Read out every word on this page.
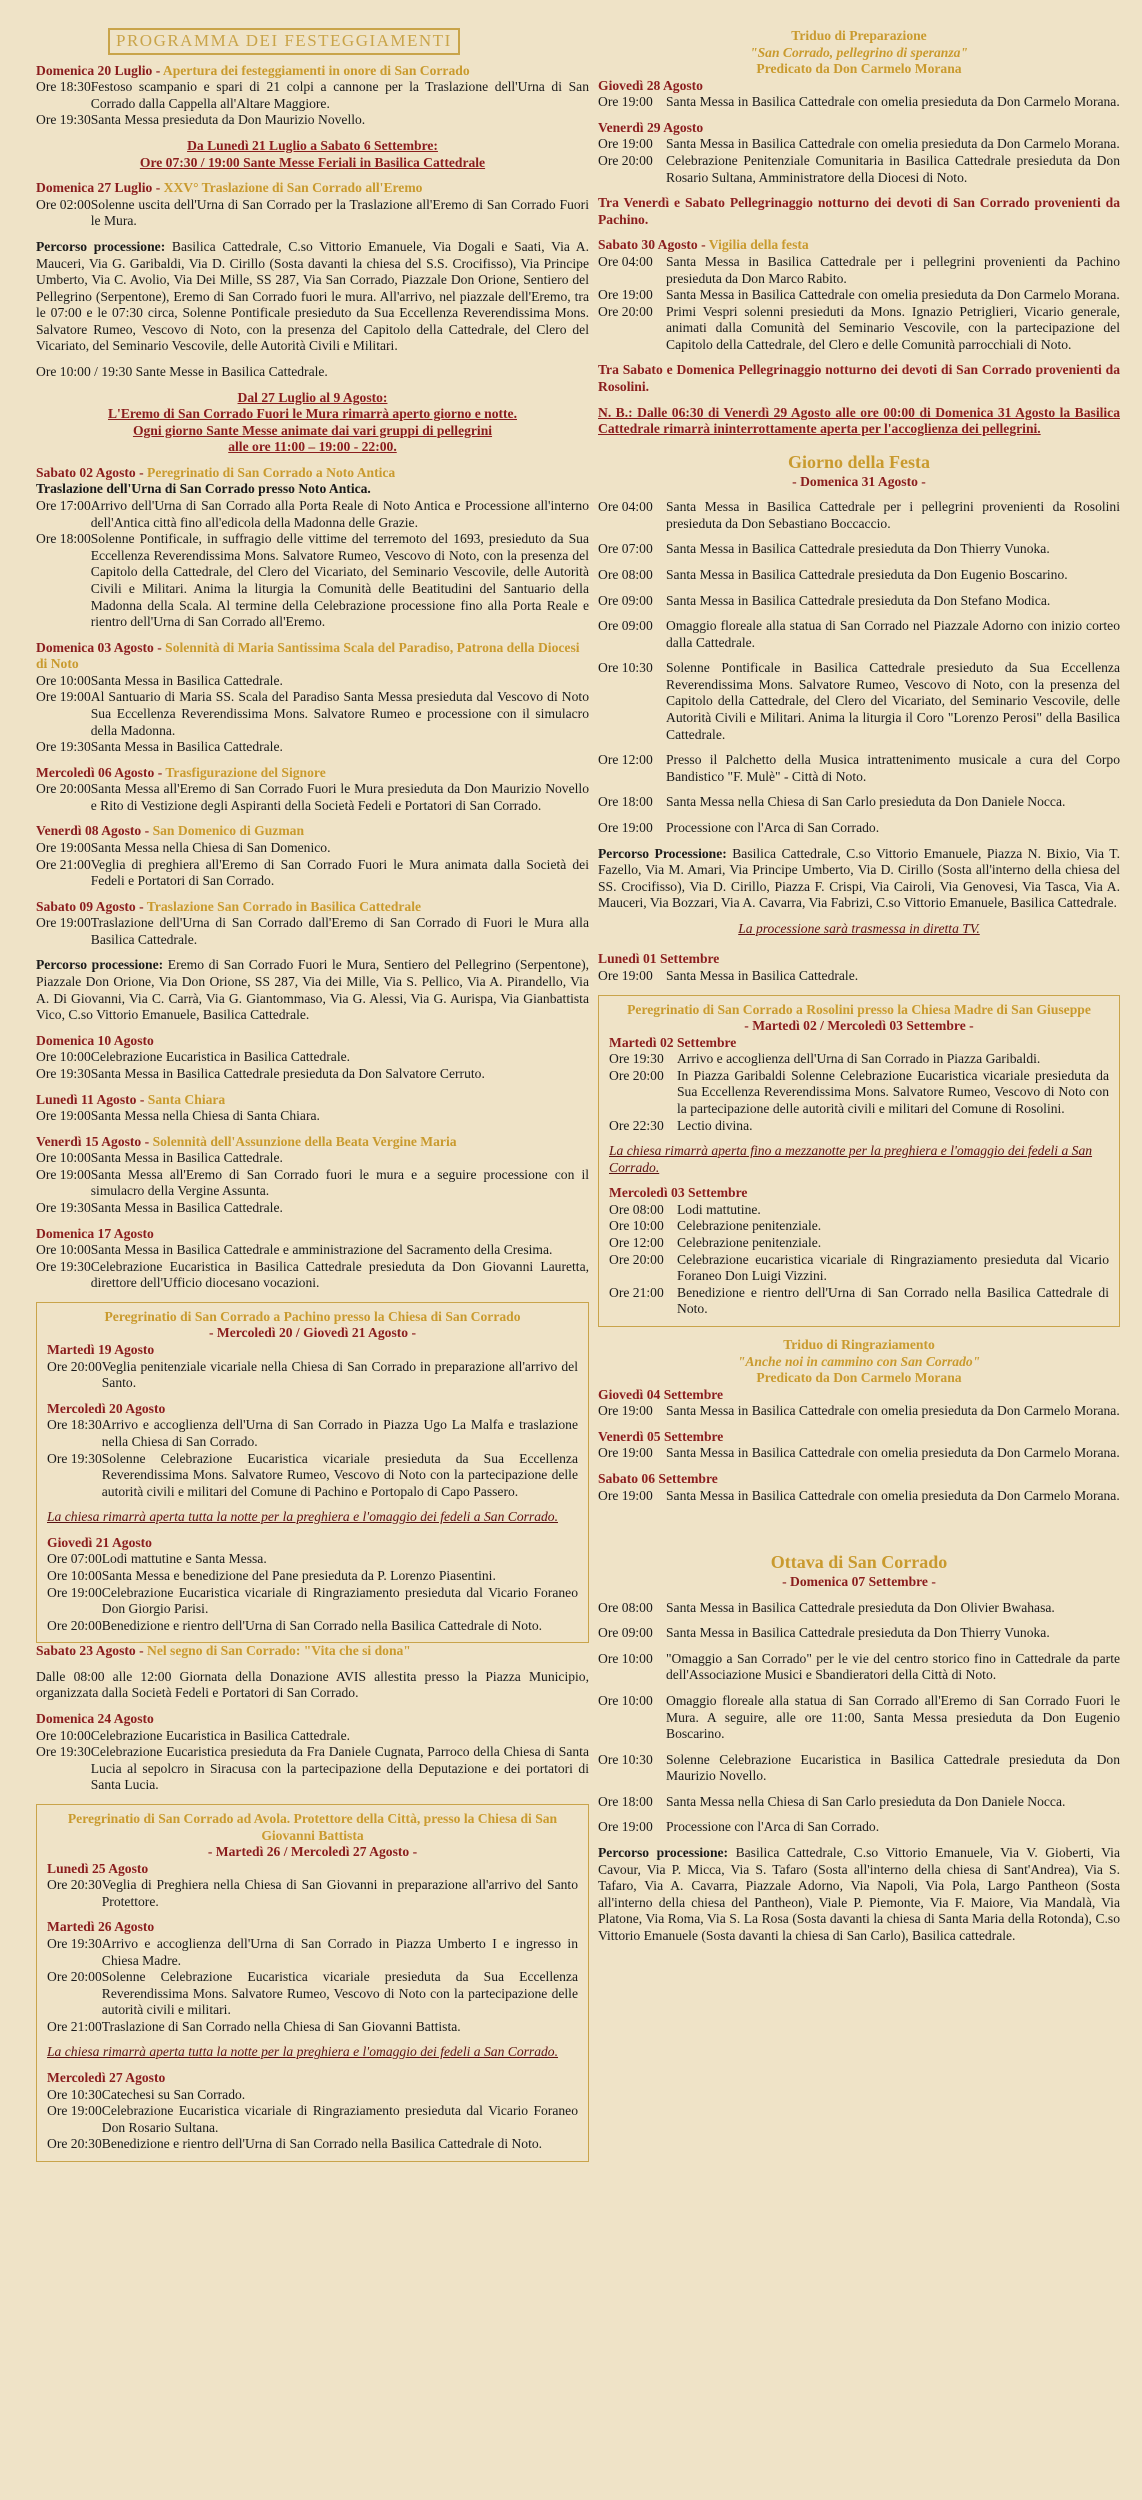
PROGRAMMA DEI FESTEGGIAMENTI
Domenica 20 Luglio - Apertura dei festeggiamenti in onore di San Corrado
Ore 18:30 Festoso scampanio e spari di 21 colpi a cannone per la Traslazione dell'Urna di San Corrado dalla Cappella all'Altare Maggiore.
Ore 19:30 Santa Messa presieduta da Don Maurizio Novello.
Da Lunedì 21 Luglio a Sabato 6 Settembre:
Ore 07:30 / 19:00 Sante Messe Feriali in Basilica Cattedrale
Domenica 27 Luglio - XXV° Traslazione di San Corrado all'Eremo
Ore 02:00 Solenne uscita dell'Urna di San Corrado per la Traslazione all'Eremo di San Corrado Fuori le Mura.
Percorso processione: Basilica Cattedrale, C.so Vittorio Emanuele, Via Dogali e Saati, Via A. Mauceri, Via G. Garibaldi, Via D. Cirillo (Sosta davanti la chiesa del S.S. Crocifisso), Via Principe Umberto, Via C. Avolio, Via Dei Mille, SS 287, Via San Corrado, Piazzale Don Orione, Sentiero del Pellegrino (Serpentone), Eremo di San Corrado fuori le mura. All'arrivo, nel piazzale dell'Eremo, tra le 07:00 e le 07:30 circa, Solenne Pontificale presieduto da Sua Eccellenza Reverendissima Mons. Salvatore Rumeo, Vescovo di Noto, con la presenza del Capitolo della Cattedrale, del Clero del Vicariato, del Seminario Vescovile, delle Autorità Civili e Militari.
Ore 10:00 / 19:30 Sante Messe in Basilica Cattedrale.
Dal 27 Luglio al 9 Agosto:
L'Eremo di San Corrado Fuori le Mura rimarrà aperto giorno e notte.
Ogni giorno Sante Messe animate dai vari gruppi di pellegrini
alle ore 11:00 – 19:00 - 22:00.
Sabato 02 Agosto - Peregrinatio di San Corrado a Noto Antica
Traslazione dell'Urna di San Corrado presso Noto Antica.
Ore 17:00 Arrivo dell'Urna di San Corrado alla Porta Reale di Noto Antica e Processione all'interno dell'Antica città fino all'edicola della Madonna delle Grazie.
Ore 18:00 Solenne Pontificale, in suffragio delle vittime del terremoto del 1693, presieduto da Sua Eccellenza Reverendissima Mons. Salvatore Rumeo, Vescovo di Noto, con la presenza del Capitolo della Cattedrale, del Clero del Vicariato, del Seminario Vescovile, delle Autorità Civili e Militari. Anima la liturgia la Comunità delle Beatitudini del Santuario della Madonna della Scala. Al termine della Celebrazione processione fino alla Porta Reale e rientro dell'Urna di San Corrado all'Eremo.
Domenica 03 Agosto - Solennità di Maria Santissima Scala del Paradiso, Patrona della Diocesi di Noto
Ore 10:00 Santa Messa in Basilica Cattedrale.
Ore 19:00 Al Santuario di Maria SS. Scala del Paradiso Santa Messa presieduta dal Vescovo di Noto Sua Eccellenza Reverendissima Mons. Salvatore Rumeo e processione con il simulacro della Madonna.
Ore 19:30 Santa Messa in Basilica Cattedrale.
Mercoledì 06 Agosto - Trasfigurazione del Signore
Ore 20:00 Santa Messa all'Eremo di San Corrado Fuori le Mura presieduta da Don Maurizio Novello e Rito di Vestizione degli Aspiranti della Società Fedeli e Portatori di San Corrado.
Venerdì 08 Agosto - San Domenico di Guzman
Ore 19:00 Santa Messa nella Chiesa di San Domenico.
Ore 21:00 Veglia di preghiera all'Eremo di San Corrado Fuori le Mura animata dalla Società dei Fedeli e Portatori di San Corrado.
Sabato 09 Agosto - Traslazione San Corrado in Basilica Cattedrale
Ore 19:00 Traslazione dell'Urna di San Corrado dall'Eremo di San Corrado di Fuori le Mura alla Basilica Cattedrale.
Percorso processione: Eremo di San Corrado Fuori le Mura, Sentiero del Pellegrino (Serpentone), Piazzale Don Orione, Via Don Orione, SS 287, Via dei Mille, Via S. Pellico, Via A. Pirandello, Via A. Di Giovanni, Via C. Carrà, Via G. Giantommaso, Via G. Alessi, Via G. Aurispa, Via Gianbattista Vico, C.so Vittorio Emanuele, Basilica Cattedrale.
Domenica 10 Agosto
Ore 10:00 Celebrazione Eucaristica in Basilica Cattedrale.
Ore 19:30 Santa Messa in Basilica Cattedrale presieduta da Don Salvatore Cerruto.
Lunedì 11 Agosto - Santa Chiara
Ore 19:00 Santa Messa nella Chiesa di Santa Chiara.
Venerdì 15 Agosto - Solennità dell'Assunzione della Beata Vergine Maria
Ore 10:00 Santa Messa in Basilica Cattedrale.
Ore 19:00 Santa Messa all'Eremo di San Corrado fuori le mura e a seguire processione con il simulacro della Vergine Assunta.
Ore 19:30 Santa Messa in Basilica Cattedrale.
Domenica 17 Agosto
Ore 10:00 Santa Messa in Basilica Cattedrale e amministrazione del Sacramento della Cresima.
Ore 19:30 Celebrazione Eucaristica in Basilica Cattedrale presieduta da Don Giovanni Lauretta, direttore dell'Ufficio diocesano vocazioni.
Peregrinatio di San Corrado a Pachino presso la Chiesa di San Corrado
- Mercoledì 20 / Giovedì 21 Agosto -
Martedì 19 Agosto
Ore 20:00 Veglia penitenziale vicariale nella Chiesa di San Corrado in preparazione all'arrivo del Santo.
Mercoledì 20 Agosto
Ore 18:30 Arrivo e accoglienza dell'Urna di San Corrado in Piazza Ugo La Malfa e traslazione nella Chiesa di San Corrado.
Ore 19:30 Solenne Celebrazione Eucaristica vicariale presieduta da Sua Eccellenza Reverendissima Mons. Salvatore Rumeo, Vescovo di Noto con la partecipazione delle autorità civili e militari del Comune di Pachino e Portopalo di Capo Passero.
La chiesa rimarrà aperta tutta la notte per la preghiera e l'omaggio dei fedeli a San Corrado.
Giovedì 21 Agosto
Ore 07:00 Lodi mattutine e Santa Messa.
Ore 10:00 Santa Messa e benedizione del Pane presieduta da P. Lorenzo Piasentini.
Ore 19:00 Celebrazione Eucaristica vicariale di Ringraziamento presieduta dal Vicario Foraneo Don Giorgio Parisi.
Ore 20:00 Benedizione e rientro dell'Urna di San Corrado nella Basilica Cattedrale di Noto.
Sabato 23 Agosto - Nel segno di San Corrado: "Vita che si dona"
Dalle 08:00 alle 12:00 Giornata della Donazione AVIS allestita presso la Piazza Municipio, organizzata dalla Società Fedeli e Portatori di San Corrado.
Domenica 24 Agosto
Ore 10:00 Celebrazione Eucaristica in Basilica Cattedrale.
Ore 19:30 Celebrazione Eucaristica presieduta da Fra Daniele Cugnata, Parroco della Chiesa di Santa Lucia al sepolcro in Siracusa con la partecipazione della Deputazione e dei portatori di Santa Lucia.
Peregrinatio di San Corrado ad Avola. Protettore della Città, presso la Chiesa di San Giovanni Battista
- Martedì 26 / Mercoledì 27 Agosto -
Lunedì 25 Agosto
Ore 20:30 Veglia di Preghiera nella Chiesa di San Giovanni in preparazione all'arrivo del Santo Protettore.
Martedì 26 Agosto
Ore 19:30 Arrivo e accoglienza dell'Urna di San Corrado in Piazza Umberto I e ingresso in Chiesa Madre.
Ore 20:00 Solenne Celebrazione Eucaristica vicariale presieduta da Sua Eccellenza Reverendissima Mons. Salvatore Rumeo, Vescovo di Noto con la partecipazione delle autorità civili e militari.
Ore 21:00 Traslazione di San Corrado nella Chiesa di San Giovanni Battista.
La chiesa rimarrà aperta tutta la notte per la preghiera e l'omaggio dei fedeli a San Corrado.
Mercoledì 27 Agosto
Ore 10:30 Catechesi su San Corrado.
Ore 19:00 Celebrazione Eucaristica vicariale di Ringraziamento presieduta dal Vicario Foraneo Don Rosario Sultana.
Ore 20:30 Benedizione e rientro dell'Urna di San Corrado nella Basilica Cattedrale di Noto.
Triduo di Preparazione
"San Corrado, pellegrino di speranza"
Predicato da Don Carmelo Morana
Giovedì 28 Agosto
Ore 19:00 Santa Messa in Basilica Cattedrale con omelia presieduta da Don Carmelo Morana.
Venerdì 29 Agosto
Ore 19:00 Santa Messa in Basilica Cattedrale con omelia presieduta da Don Carmelo Morana.
Ore 20:00 Celebrazione Penitenziale Comunitaria in Basilica Cattedrale presieduta da Don Rosario Sultana, Amministratore della Diocesi di Noto.
Tra Venerdì e Sabato Pellegrinaggio notturno dei devoti di San Corrado provenienti da Pachino.
Sabato 30 Agosto - Vigilia della festa
Ore 04:00 Santa Messa in Basilica Cattedrale per i pellegrini provenienti da Pachino presieduta da Don Marco Rabito.
Ore 19:00 Santa Messa in Basilica Cattedrale con omelia presieduta da Don Carmelo Morana.
Ore 20:00 Primi Vespri solenni presieduti da Mons. Ignazio Petriglieri, Vicario generale, animati dalla Comunità del Seminario Vescovile, con la partecipazione del Capitolo della Cattedrale, del Clero e delle Comunità parrocchiali di Noto.
Tra Sabato e Domenica Pellegrinaggio notturno dei devoti di San Corrado provenienti da Rosolini.
N. B.: Dalle 06:30 di Venerdì 29 Agosto alle ore 00:00 di Domenica 31 Agosto la Basilica Cattedrale rimarrà ininterrottamente aperta per l'accoglienza dei pellegrini.
Giorno della Festa
- Domenica 31 Agosto -
Ore 04:00 Santa Messa in Basilica Cattedrale per i pellegrini provenienti da Rosolini presieduta da Don Sebastiano Boccaccio.
Ore 07:00 Santa Messa in Basilica Cattedrale presieduta da Don Thierry Vunoka.
Ore 08:00 Santa Messa in Basilica Cattedrale presieduta da Don Eugenio Boscarino.
Ore 09:00 Santa Messa in Basilica Cattedrale presieduta da Don Stefano Modica.
Ore 09:00 Omaggio floreale alla statua di San Corrado nel Piazzale Adorno con inizio corteo dalla Cattedrale.
Ore 10:30 Solenne Pontificale in Basilica Cattedrale presieduto da Sua Eccellenza Reverendissima Mons. Salvatore Rumeo, Vescovo di Noto, con la presenza del Capitolo della Cattedrale, del Clero del Vicariato, del Seminario Vescovile, delle Autorità Civili e Militari. Anima la liturgia il Coro "Lorenzo Perosi" della Basilica Cattedrale.
Ore 12:00 Presso il Palchetto della Musica intrattenimento musicale a cura del Corpo Bandistico "F. Mulè" - Città di Noto.
Ore 18:00 Santa Messa nella Chiesa di San Carlo presieduta da Don Daniele Nocca.
Ore 19:00 Processione con l'Arca di San Corrado.
Percorso Processione: Basilica Cattedrale, C.so Vittorio Emanuele, Piazza N. Bixio, Via T. Fazello, Via M. Amari, Via Principe Umberto, Via D. Cirillo (Sosta all'interno della chiesa del SS. Crocifisso), Via D. Cirillo, Piazza F. Crispi, Via Cairoli, Via Genovesi, Via Tasca, Via A. Mauceri, Via Bozzari, Via A. Cavarra, Via Fabrizi, C.so Vittorio Emanuele, Basilica Cattedrale.
La processione sarà trasmessa in diretta TV.
Lunedì 01 Settembre
Ore 19:00 Santa Messa in Basilica Cattedrale.
Peregrinatio di San Corrado a Rosolini presso la Chiesa Madre di San Giuseppe
- Martedì 02 / Mercoledì 03 Settembre -
Martedì 02 Settembre
Ore 19:30 Arrivo e accoglienza dell'Urna di San Corrado in Piazza Garibaldi.
Ore 20:00 In Piazza Garibaldi Solenne Celebrazione Eucaristica vicariale presieduta da Sua Eccellenza Reverendissima Mons. Salvatore Rumeo, Vescovo di Noto con la partecipazione delle autorità civili e militari del Comune di Rosolini.
Ore 22:30 Lectio divina.
La chiesa rimarrà aperta fino a mezzanotte per la preghiera e l'omaggio dei fedeli a San Corrado.
Mercoledì 03 Settembre
Ore 08:00 Lodi mattutine.
Ore 10:00 Celebrazione penitenziale.
Ore 12:00 Celebrazione penitenziale.
Ore 20:00 Celebrazione eucaristica vicariale di Ringraziamento presieduta dal Vicario Foraneo Don Luigi Vizzini.
Ore 21:00 Benedizione e rientro dell'Urna di San Corrado nella Basilica Cattedrale di Noto.
Triduo di Ringraziamento
"Anche noi in cammino con San Corrado"
Predicato da Don Carmelo Morana
Giovedì 04 Settembre
Ore 19:00 Santa Messa in Basilica Cattedrale con omelia presieduta da Don Carmelo Morana.
Venerdì 05 Settembre
Ore 19:00 Santa Messa in Basilica Cattedrale con omelia presieduta da Don Carmelo Morana.
Sabato 06 Settembre
Ore 19:00 Santa Messa in Basilica Cattedrale con omelia presieduta da Don Carmelo Morana.
Ottava di San Corrado
- Domenica 07 Settembre -
Ore 08:00 Santa Messa in Basilica Cattedrale presieduta da Don Olivier Bwahasa.
Ore 09:00 Santa Messa in Basilica Cattedrale presieduta da Don Thierry Vunoka.
Ore 10:00 "Omaggio a San Corrado" per le vie del centro storico fino in Cattedrale da parte dell'Associazione Musici e Sbandieratori della Città di Noto.
Ore 10:00 Omaggio floreale alla statua di San Corrado all'Eremo di San Corrado Fuori le Mura. A seguire, alle ore 11:00, Santa Messa presieduta da Don Eugenio Boscarino.
Ore 10:30 Solenne Celebrazione Eucaristica in Basilica Cattedrale presieduta da Don Maurizio Novello.
Ore 18:00 Santa Messa nella Chiesa di San Carlo presieduta da Don Daniele Nocca.
Ore 19:00 Processione con l'Arca di San Corrado.
Percorso processione: Basilica Cattedrale, C.so Vittorio Emanuele, Via V. Gioberti, Via Cavour, Via P. Micca, Via S. Tafaro (Sosta all'interno della chiesa di Sant'Andrea), Via S. Tafaro, Via A. Cavarra, Piazzale Adorno, Via Napoli, Via Pola, Largo Pantheon (Sosta all'interno della chiesa del Pantheon), Viale P. Piemonte, Via F. Maiore, Via Mandalà, Via Platone, Via Roma, Via S. La Rosa (Sosta davanti la chiesa di Santa Maria della Rotonda), C.so Vittorio Emanuele (Sosta davanti la chiesa di San Carlo), Basilica cattedrale.
